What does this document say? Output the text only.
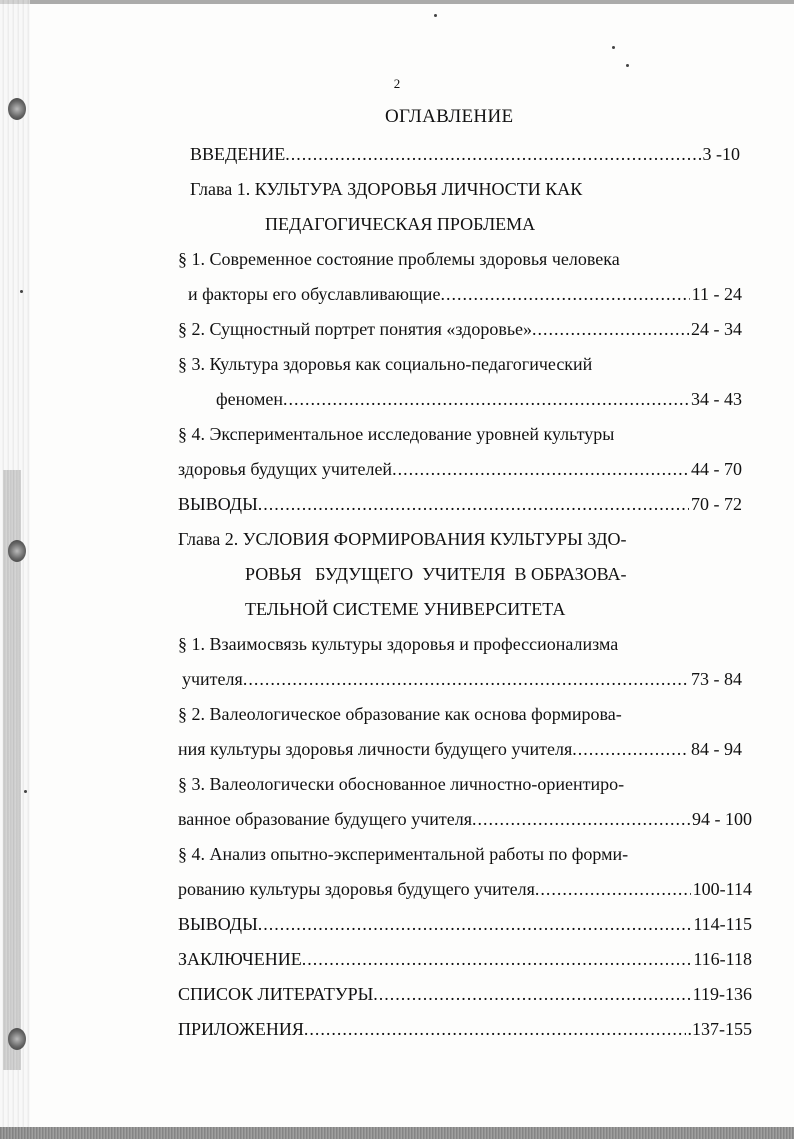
2
ОГЛАВЛЕНИЕ
ВВЕДЕНИЕ .....	3 -10
Глава 1. КУЛЬТУРА ЗДОРОВЬЯ ЛИЧНОСТИ КАК
ПЕДАГОГИЧЕСКАЯ ПРОБЛЕМА
§ 1. Современное состояние проблемы здоровья человека
и факторы его обуславливающие .....	11 - 24
§ 2. Сущностный портрет понятия «здоровье» .....	24 - 34
§ 3. Культура здоровья как социально-педагогический
феномен .....	34 - 43
§ 4. Экспериментальное исследование уровней культуры
здоровья будущих учителей .....	44 - 70
ВЫВОДЫ .....	70 - 72
Глава 2. УСЛОВИЯ ФОРМИРОВАНИЯ КУЛЬТУРЫ ЗДО-
РОВЬЯ   БУДУЩЕГО  УЧИТЕЛЯ  В ОБРАЗОВА-
ТЕЛЬНОЙ СИСТЕМЕ УНИВЕРСИТЕТА
§ 1. Взаимосвязь культуры здоровья и профессионализма
учителя .....	73 - 84
§ 2. Валеологическое образование как основа формирова-
ния культуры здоровья личности будущего учителя .....	84 - 94
§ 3. Валеологически обоснованное личностно-ориентиро-
ванное образование будущего учителя .....	94 - 100
§ 4. Анализ опытно-экспериментальной работы по форми-
рованию культуры здоровья будущего учителя .....	100-114
ВЫВОДЫ .....	114-115
ЗАКЛЮЧЕНИЕ .....	116-118
СПИСОК ЛИТЕРАТУРЫ .....	119-136
ПРИЛОЖЕНИЯ .....	.137-155
